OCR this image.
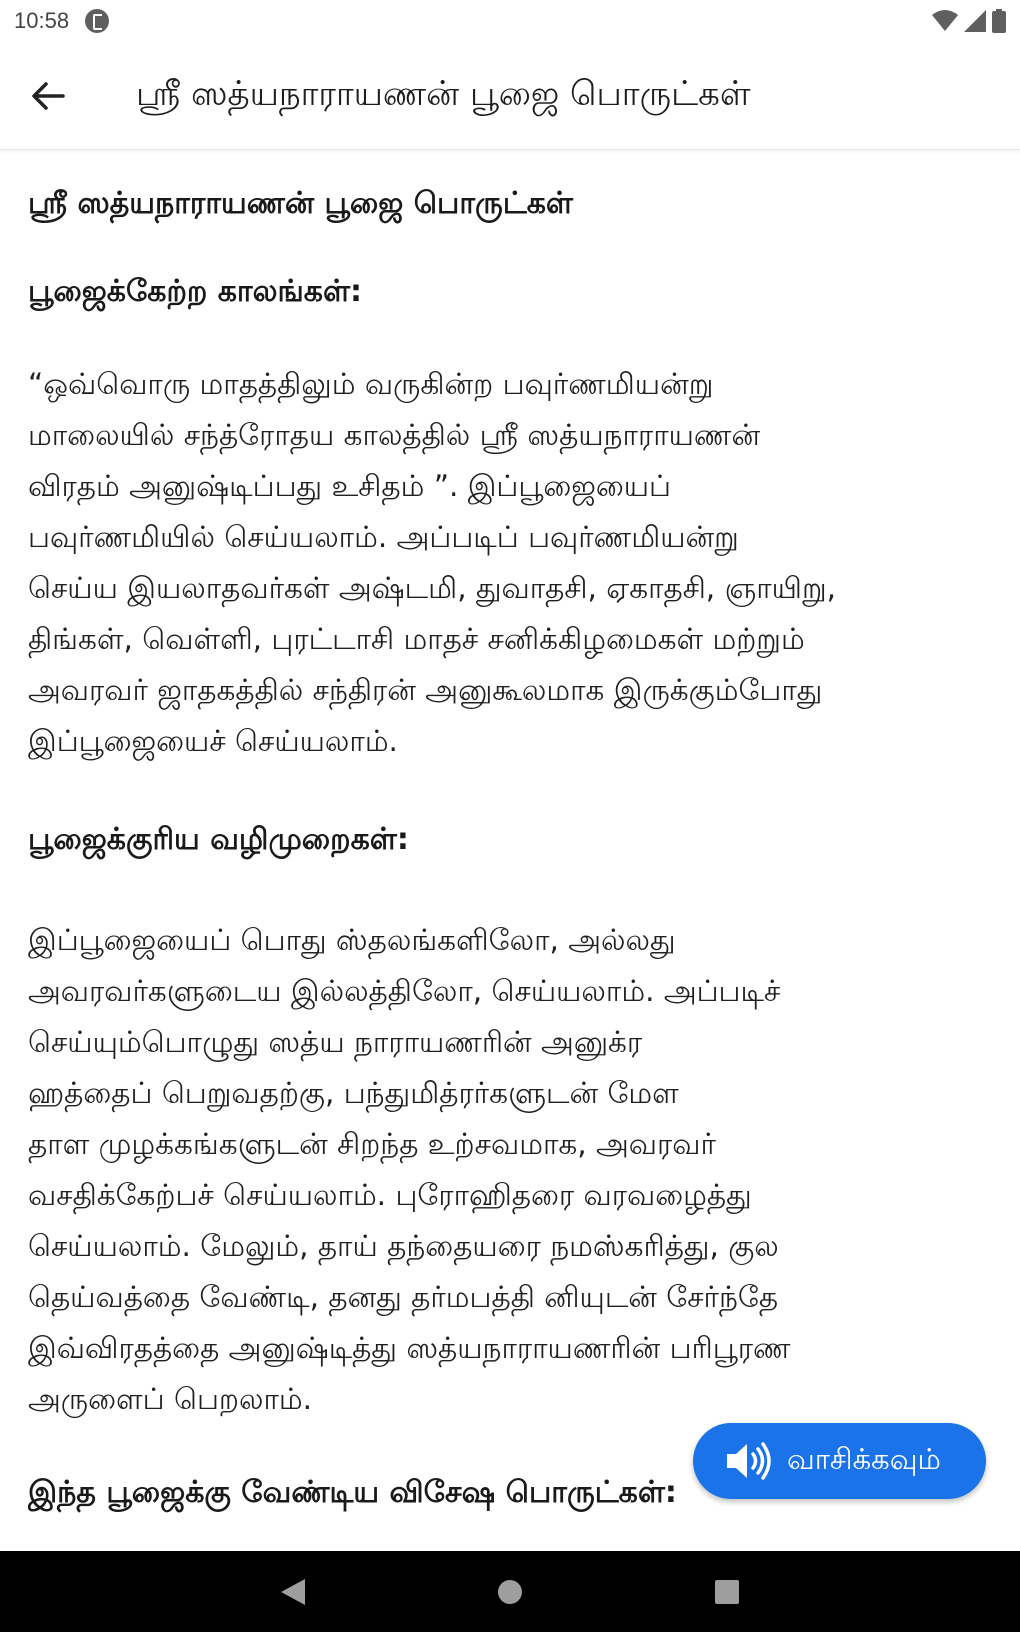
10:58
ஸ்ரீ ஸத்யநாராயணன் பூஜை பொருட்கள்
ஸ்ரீ ஸத்யநாராயணன் பூஜை பொருட்கள்
பூஜைக்கேற்ற காலங்கள்:
“ஒவ்வொரு மாதத்திலும் வருகின்ற பவுர்ணமியன்று
மாலையில் சந்த்ரோதய காலத்தில் ஸ்ரீ ஸத்யநாராயணன்
விரதம் அனுஷ்டிப்பது உசிதம் ”. இப்பூஜையைப்
பவுர்ணமியில் செய்யலாம். அப்படிப் பவுர்ணமியன்று
செய்ய இயலாதவர்கள் அஷ்டமி, துவாதசி, ஏகாதசி, ஞாயிறு,
திங்கள், வெள்ளி, புரட்டாசி மாதச் சனிக்கிழமைகள் மற்றும்
அவரவர் ஜாதகத்தில் சந்திரன் அனுகூலமாக இருக்கும்போது
இப்பூஜையைச் செய்யலாம்.
பூஜைக்குரிய வழிமுறைகள்:
இப்பூஜையைப் பொது ஸ்தலங்களிலோ, அல்லது
அவரவர்களுடைய இல்லத்திலோ, செய்யலாம். அப்படிச்
செய்யும்பொழுது ஸத்ய நாராயணரின் அனுக்ர
ஹத்தைப் பெறுவதற்கு, பந்துமித்ரர்களுடன் மேள
தாள முழக்கங்களுடன் சிறந்த உற்சவமாக, அவரவர்
வசதிக்கேற்பச் செய்யலாம். புரோஹிதரை வரவழைத்து
செய்யலாம். மேலும், தாய் தந்தையரை நமஸ்கரித்து, குல
தெய்வத்தை வேண்டி, தனது தர்மபத்தி னியுடன் சேர்ந்தே
இவ்விரதத்தை அனுஷ்டித்து ஸத்யநாராயணரின் பரிபூரண
அருளைப் பெறலாம்.
இந்த பூஜைக்கு வேண்டிய விசேஷ பொருட்கள்:
வாசிக்கவும்
